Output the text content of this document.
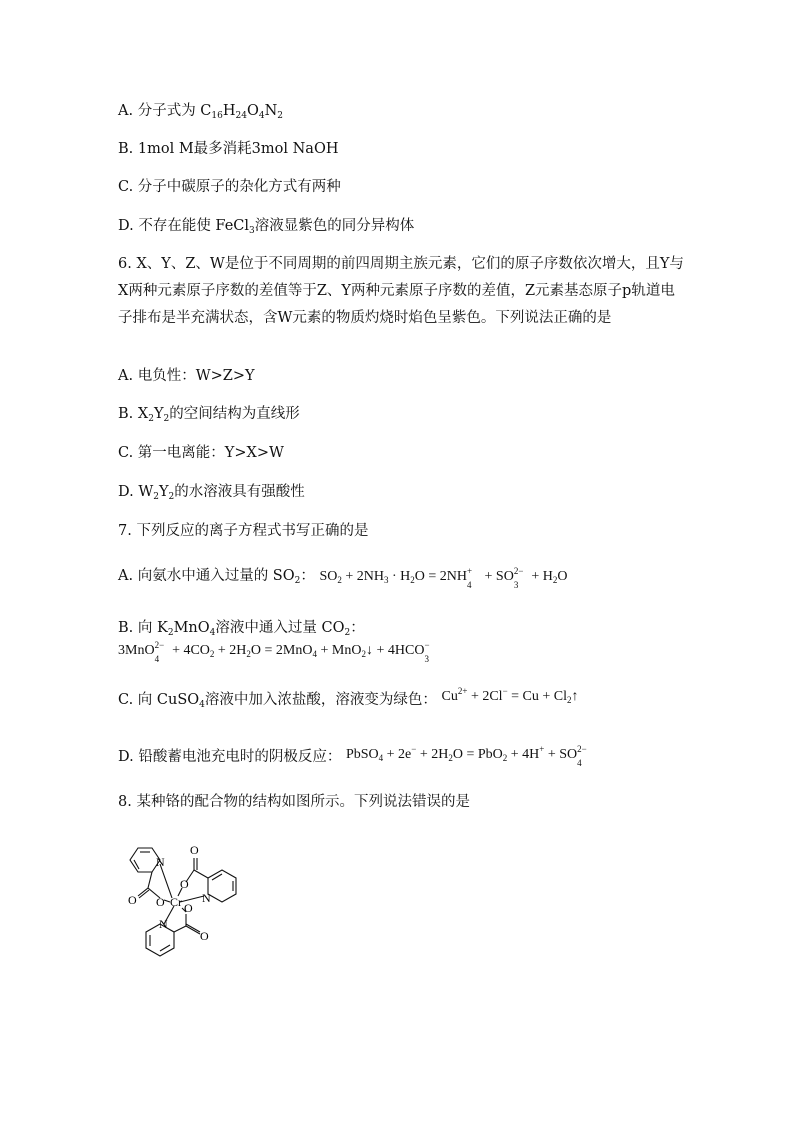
A. 分子式为 $C_{16}H_{24}O_4N_2$
B. 1mol M最多消耗3mol NaOH
C. 分子中碳原子的杂化方式有两种
D. 不存在能使 FeCl$_3$溶液显紫色的同分异构体
6. X、Y、Z、W是位于不同周期的前四周期主族元素，它们的原子序数依次增大，且Y与X两种元素原子序数的差值等于Z、Y两种元素原子序数的差值，Z元素基态原子p轨道电子排布是半充满状态，含W元素的物质灼烧时焰色呈紫色。下列说法正确的是
A. 电负性：W>Z>Y
B. $X_2Y_2$的空间结构为直线形
C. 第一电离能：Y>X>W
D. $W_2Y_2$的水溶液具有强酸性
7. 下列反应的离子方程式书写正确的是
A. 向氨水中通入过量的 $SO_2$： $SO_2 + 2NH_3 \cdot H_2O = 2NH$ +
4
+ SO 2−
3
+ $H_2O$
B. 向 $K_2MnO_4$溶液中通入过量 $CO_2$：
3MnO 2−
4
+ $4CO_2 + 2H_2O = 2MnO_4$ + MnO$_2$↓ + 4HCO −
3
C. 向 CuSO$_4$溶液中加入浓盐酸，溶液变为绿色： $Cu^{2+} + 2Cl^- = Cu$ + $Cl_2↑$
D. 铅酸蓄电池充电时的阴极反应： PbSO$_4$ + $2e^- + 2H_2O = PbO_2 + 4H^+$ + SO 2−
4
8. 某种铬的配合物的结构如图所示。下列说法错误的是
N
O O Cr
O
O
N
O
O
N
